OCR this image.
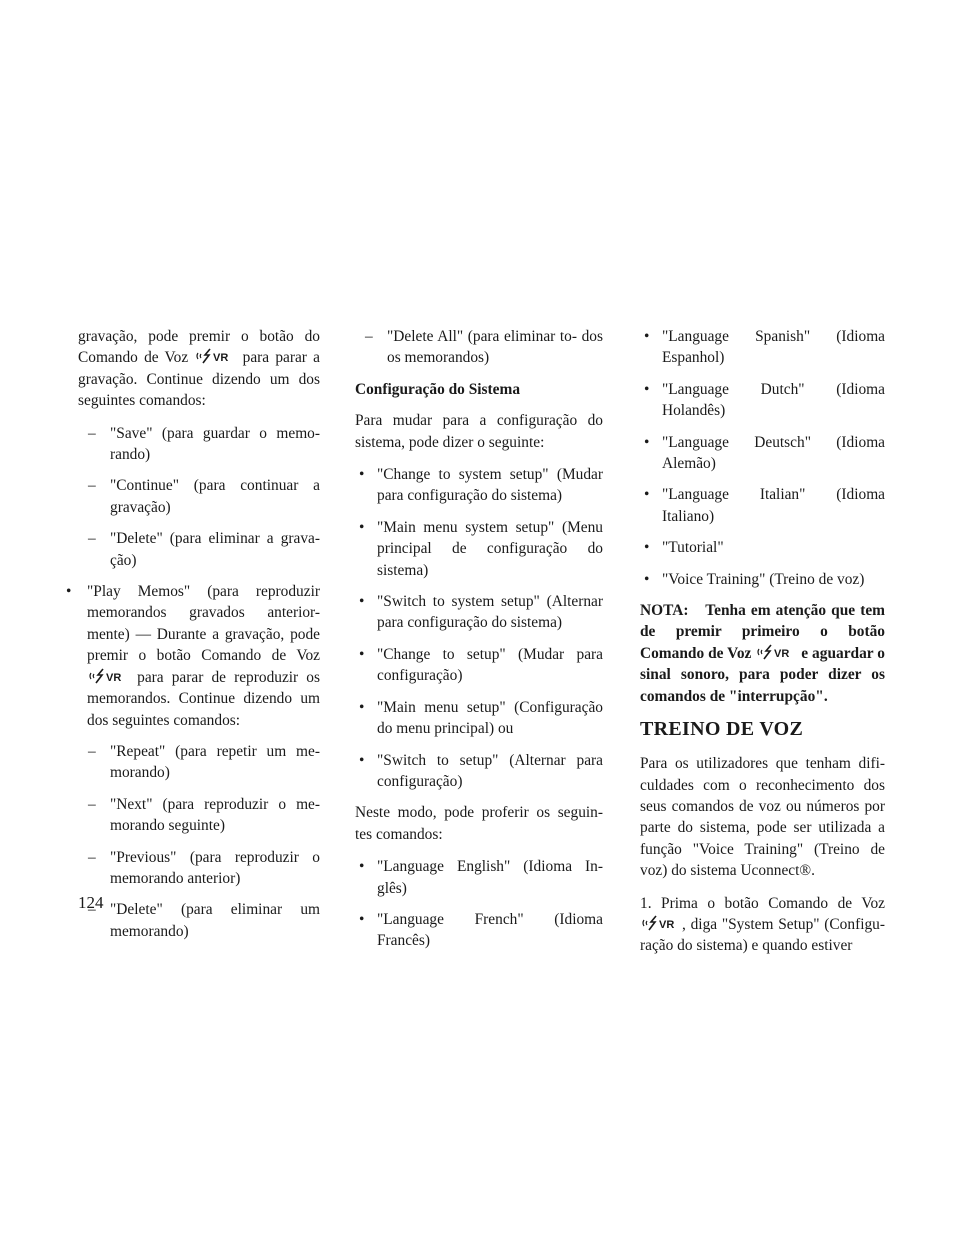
gravação, pode premir o botão do Comando de Voz VR para parar a gravação. Continue dizendo um dos seguintes comandos:

– "Save" (para guardar o memo- rando)
– "Continue" (para continuar a gravação)
– "Delete" (para eliminar a grava- ção)
• "Play Memos" (para reproduzir memorandos gravados anterior- mente) — Durante a gravação, pode premir o botão Comando de Voz
VR para parar de reproduzir os memorandos. Continue dizendo um dos seguintes comandos:
– "Repeat" (para repetir um me- morando)
– "Next" (para reproduzir o me- morando seguinte)
– "Previous" (para reproduzir o memorando anterior)
– "Delete" (para eliminar um memorando)
– "Delete All" (para eliminar to- dos os memorandos)
Configuração do Sistema

Para mudar para a configuração do sistema, pode dizer o seguinte:

• "Change to system setup" (Mudar para configuração do sistema)
• "Main menu system setup" (Menu principal de configuração do sistema)
• "Switch to system setup" (Alternar para configuração do sistema)
• "Change to setup" (Mudar para configuração)
• "Main menu setup" (Configuração do menu principal) ou
• "Switch to setup" (Alternar para configuração)

Neste modo, pode proferir os seguin- tes comandos:

• "Language English" (Idioma In- glês)
• "Language French" (Idioma Francês)
• "Language Spanish" (Idioma Espanhol)
• "Language Dutch" (Idioma Holandês)
• "Language Deutsch" (Idioma Alemão)
• "Language Italian" (Idioma Italiano)
• "Tutorial"
• "Voice Training" (Treino de voz)

NOTA: Tenha em atenção que tem de premir primeiro o botão Comando de Voz VR e aguardar o sinal sonoro, para poder dizer os comandos de "interrupção".

TREINO DE VOZ

Para os utilizadores que tenham difi- culdades com o reconhecimento dos seus comandos de voz ou números por parte do sistema, pode ser utilizada a função "Voice Training" (Treino de voz) do sistema Uconnect®.

1. Prima o botão Comando de Voz
VR , diga "System Setup" (Configu- ração do sistema) e quando estiver

124
